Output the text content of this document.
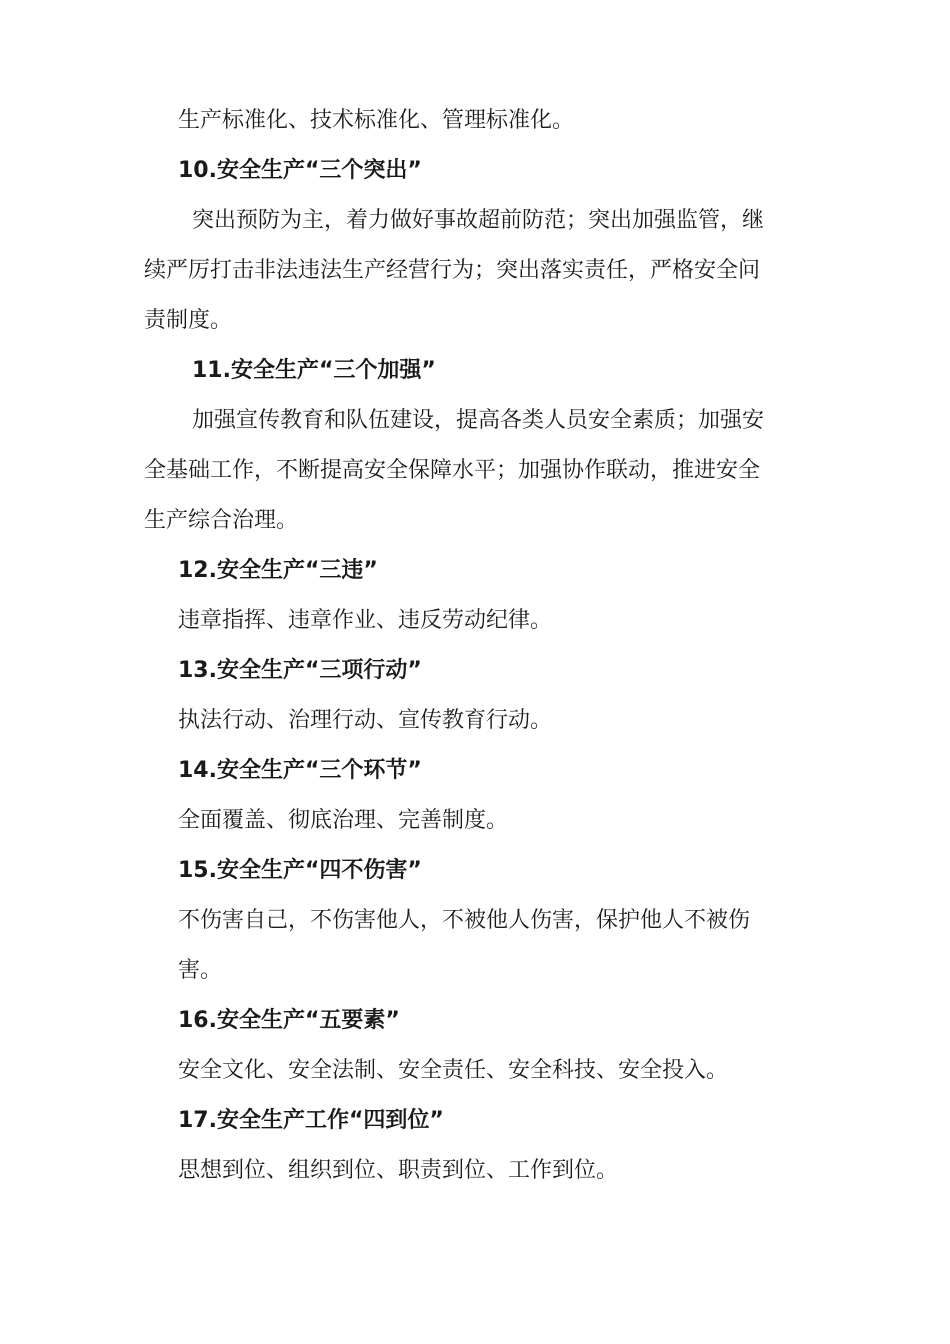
生产标准化、技术标准化、管理标准化。
10.安全生产“三个突出”
突出预防为主，着力做好事故超前防范；突出加强监管，继
续严厉打击非法违法生产经营行为；突出落实责任，严格安全问
责制度。
11.安全生产“三个加强”
加强宣传教育和队伍建设，提高各类人员安全素质；加强安
全基础工作，不断提高安全保障水平；加强协作联动，推进安全
生产综合治理。
12.安全生产“三违”
违章指挥、违章作业、违反劳动纪律。
13.安全生产“三项行动”
执法行动、治理行动、宣传教育行动。
14.安全生产“三个环节”
全面覆盖、彻底治理、完善制度。
15.安全生产“四不伤害”
不伤害自己，不伤害他人，不被他人伤害，保护他人不被伤
害。
16.安全生产“五要素”
安全文化、安全法制、安全责任、安全科技、安全投入。
17.安全生产工作“四到位”
思想到位、组织到位、职责到位、工作到位。
